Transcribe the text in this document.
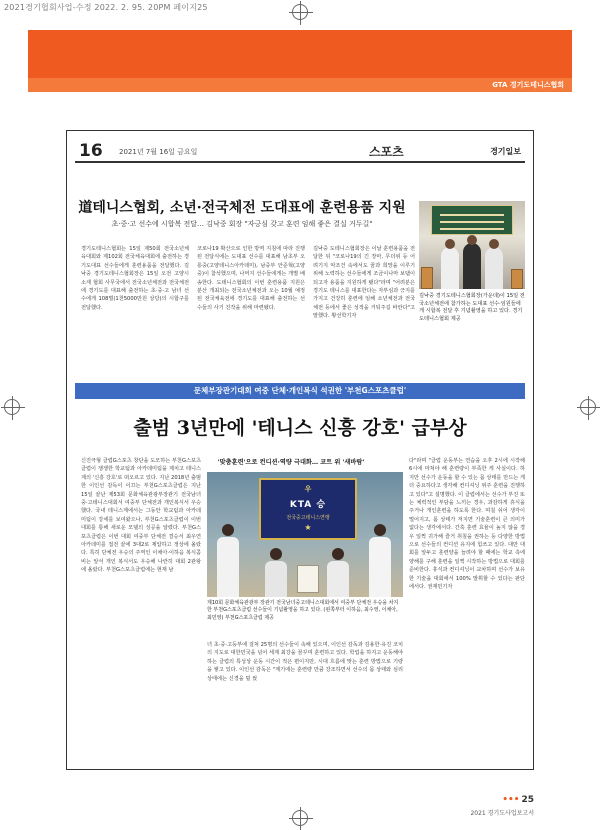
2021경기협회사업-수정 2022. 2. 95. 20PM 페이지25
GTA 경기도테니스협회
16 2021년 7월 16일 금요일	스포츠	경기일보
道테니스협회, 소년·전국체전 도대표에 훈련용품 지원
초·중·고 선수에 시합복 전달… 김낙중 회장 "자긍심 갖고 훈련 임해 좋은 결실 거두길"
경기도테니스협회는 15일 제50회 전국소년체육대회와 제102회 전국체육대회에 출전하는 경기도대표 선수들에게 훈련용품을 전달했다. 김낙중 경기도테니스협회장은 15일 오전 고양시 소재 협회 사무국에서 전국소년체전과 전국체전에 경기도를 대표해 출전하는 초·중·고 남녀 선수에게 108벌(1천5000만원 상당)의 시합구를 전달했다.
코로나19 확산으로 인한 방역 지침에 따라 진행된 전달식에는 도대표 선수를 대표해 남초부 오롱중(고양테니스아카데미), 남중부 안준혁(고양중)이 참석했으며, 나머지 선수들에게는 개별 배송한다. 도테니스협회의 이번 훈련용품 지원은 분산 개최되는 전국소년체전과 오는 10월 예정된 전국체육전에 경기도를 대표해 출전하는 선수들의 사기 진작을 위해 마련됐다.
김낙중 도테니스협회장은 이날 훈련용품을 전달한 뒤 "코로나19의 긴 장마, 무더위 등 어려기지 악조건 속에서도 꿈과 희망을 이루기 위해 노력하는 선수들에게 조금이나마 보탬이 되고자 용품을 지원하게 됐다"라며 "어려분은 경기도 테니스를 대표한다는 자부심과 긍지를 가지고 건강히 훈련에 임해 소년체전과 전국체전 등에서 좋은 성적을 거둬주길 바란다"고 말했다. 황선학기자
김낙중 경기도테니스협회장(가운데)이 15일 전국소년체전에 참가하는 도대표 선수·임원들에게 시합복 전달 후 기념촬영을 하고 있다. 경기도테니스협회 제공
문체부장관기대회 여중 단체·개인복식 석권한 '부천G스포츠클럽'
출범 3년만에 '테니스 신흥 강호' 급부상
신진극형 클럽G스포츠 창단을 도모하는 부천G스포츠클럽이 쟁쟁한 학교팀과 아카데미팀을 제치고 테니스계의 '신흥 강호'로 떠오르고 있다. 지난 2018년 출범한 이인선 감독이 이끄는 부천G스포츠클럽은 지난 15일 끝난 제53회 문화체육관광부장관기 전국남녀중·고테니스대회서 여중부 단체전과 개인복식서 우승했다. 국내 테니스계에서는 그동안 학교팀과 아카데미팀이 강세를 보여왔으나, 부천G스포츠클럽이 이번 대회를 통해 새로운 모델의 성공을 알렸다. 부천G스포츠클럽은 이번 대회 여중부 단체전 결승서 최우연아카데미를 접전 끝에 3대2로 제압하고 정상에 올랐다. 특히 단체전 우승의 주역인 이채아·이하음 복식콤비는 앞서 개인 복식서도 우승해 나란히 대회 2관왕에 올랐다. 부천G스포츠클럽에는 현재 남
녀 초·중·고등부에 걸쳐 25명의 선수들이 속해 있으며, 이인선 감독과 김용한·유진 코치의 지도로 대한민국을 넘어 세계 최강을 꿈꾸며 훈련하고 있다. 학업을 하지고 운동해야 하는 클럽의 특성상 운동 시간이 적은 편이지만, 시대 흐름에 맞는 훈련 방법으로 기량을 쌓고 있다. 이인선 감독은 "계기에는 훈련량 만큼 강조하면서 선수의 몸 상태와 심리 상태에는 신경을 덜 썼
다"라며 "클럽 운동부는 연습을 오후 2시에 시작해 6시에 마쳐야 해 훈련량이 부족한 게 사실이다. 하지만 선수가 운동을 할 수 있는 몸 상태를 만드는 게 더 중요하다고 생각해 컨디셔닝 위주 훈련을 진행하고 있다"고 설명했다. 이 클럽에서는 선수가 부진 또는 체력적인 부담을 느끼는 경우, 과감하게 휴식을 주거나 개인훈련을 하도록 한다. 며칠 쉬어 생각이 떨어지고, 몸 상태가 저지면 기술훈련이 큰 의미가 없다는 생각에서다. 간혹 훈련 효율이 높지 않을 경우 일찍 귀가해 즐거 취침을 권하는 등 다양한 방법으로 선수들의 컨디션 유지에 힘쓰고 있다. 대만 대회를 앞두고 훈련양을 늘려야 할 때에는 학교 측에 양해를 구해 훈련을 일찍 시작하는 방법으로 대회를 준비한다. 휴식과 컨디셔닝이 교차하며 선수가 보유한 기술을 대회에서 100% 발휘할 수 있다는 판단에서다. 권재민기자
'맞춤훈련'으로 컨디션·역량 극대화… 코트 위 '새바람'
우
KTA 승
전국중고테니스연맹
★
제10회 문화체육관광부 장관기 전국남녀중고테니스대회에서 여중부 단체전 우승을 차지한 부천G스포츠클럽 선수들이 기념촬영을 하고 있다. (왼쪽부터 이하음, 최수영, 이채아, 최민영) 부천G스포츠클럽 제공
••• 25
2021 경기도사업보고서
